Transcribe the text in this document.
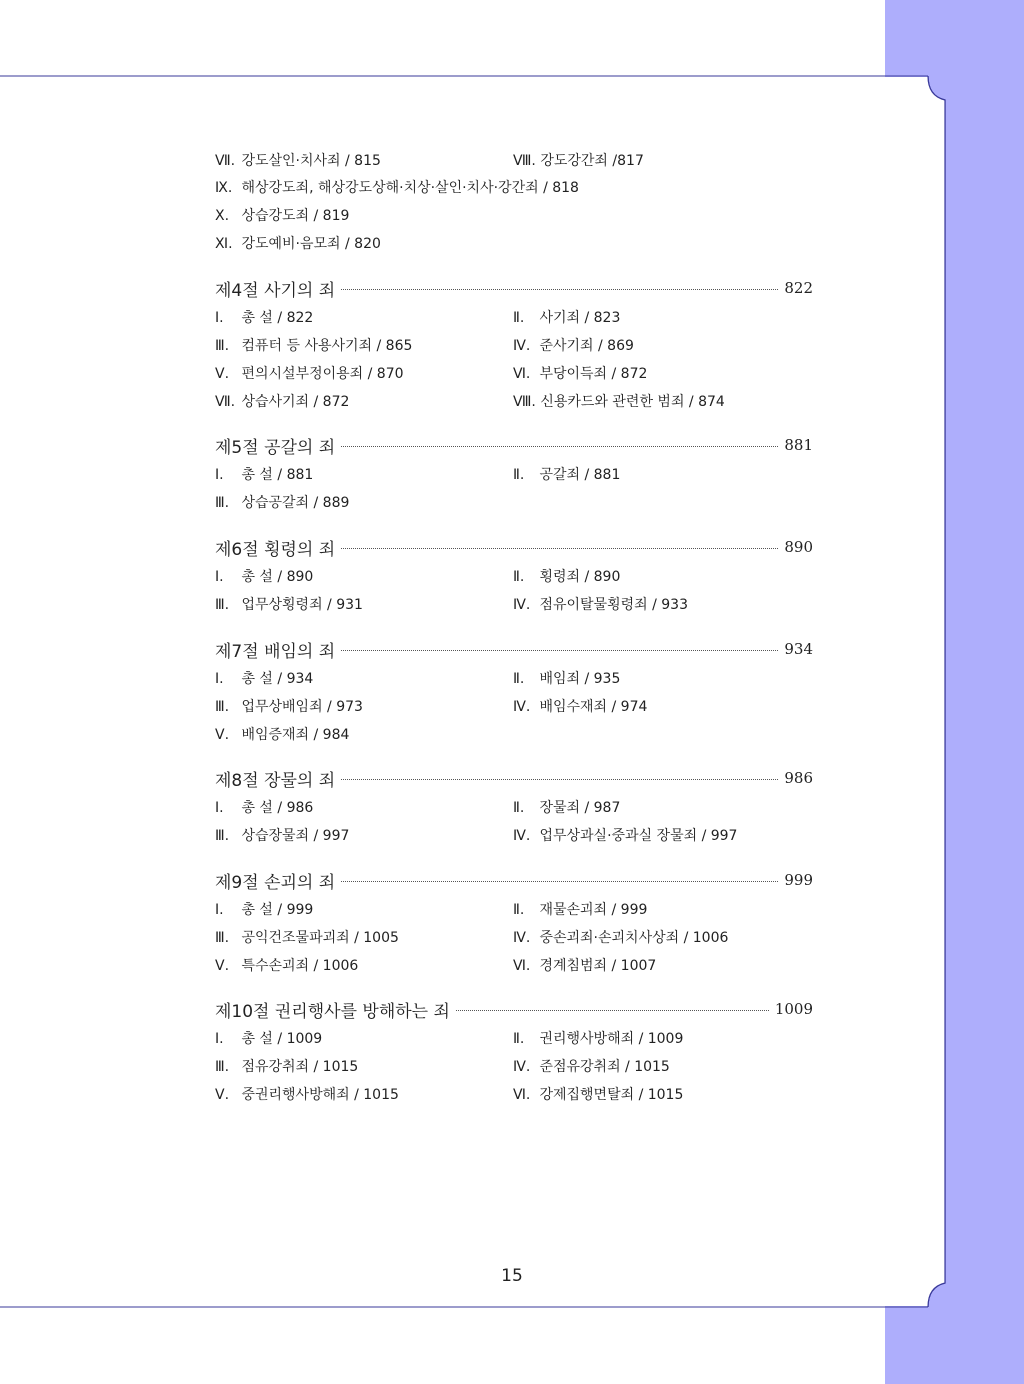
Ⅶ. 강도살인·치사죄 / 815	Ⅷ. 강도강간죄 /817
Ⅸ. 해상강도죄, 해상강도상해·치상·살인·치사·강간죄 / 818
Ⅹ. 상습강도죄 / 819
Ⅺ. 강도예비·음모죄 / 820
제4절 사기의 죄	822
Ⅰ. 총 설 / 822	Ⅱ. 사기죄 / 823
Ⅲ. 컴퓨터 등 사용사기죄 / 865	Ⅳ. 준사기죄 / 869
Ⅴ. 편의시설부정이용죄 / 870	Ⅵ. 부당이득죄 / 872
Ⅶ. 상습사기죄 / 872	Ⅷ. 신용카드와 관련한 범죄 / 874
제5절 공갈의 죄	881
Ⅰ. 총 설 / 881	Ⅱ. 공갈죄 / 881
Ⅲ. 상습공갈죄 / 889
제6절 횡령의 죄	890
Ⅰ. 총 설 / 890	Ⅱ. 횡령죄 / 890
Ⅲ. 업무상횡령죄 / 931	Ⅳ. 점유이탈물횡령죄 / 933
제7절 배임의 죄	934
Ⅰ. 총 설 / 934	Ⅱ. 배임죄 / 935
Ⅲ. 업무상배임죄 / 973	Ⅳ. 배임수재죄 / 974
Ⅴ. 배임증재죄 / 984
제8절 장물의 죄	986
Ⅰ. 총 설 / 986	Ⅱ. 장물죄 / 987
Ⅲ. 상습장물죄 / 997	Ⅳ. 업무상과실·중과실 장물죄 / 997
제9절 손괴의 죄	999
Ⅰ. 총 설 / 999	Ⅱ. 재물손괴죄 / 999
Ⅲ. 공익건조물파괴죄 / 1005	Ⅳ. 중손괴죄·손괴치사상죄 / 1006
Ⅴ. 특수손괴죄 / 1006	Ⅵ. 경계침범죄 / 1007
제10절 권리행사를 방해하는 죄	1009
Ⅰ. 총 설 / 1009	Ⅱ. 권리행사방해죄 / 1009
Ⅲ. 점유강취죄 / 1015	Ⅳ. 준점유강취죄 / 1015
Ⅴ. 중권리행사방해죄 / 1015	Ⅵ. 강제집행면탈죄 / 1015
15
